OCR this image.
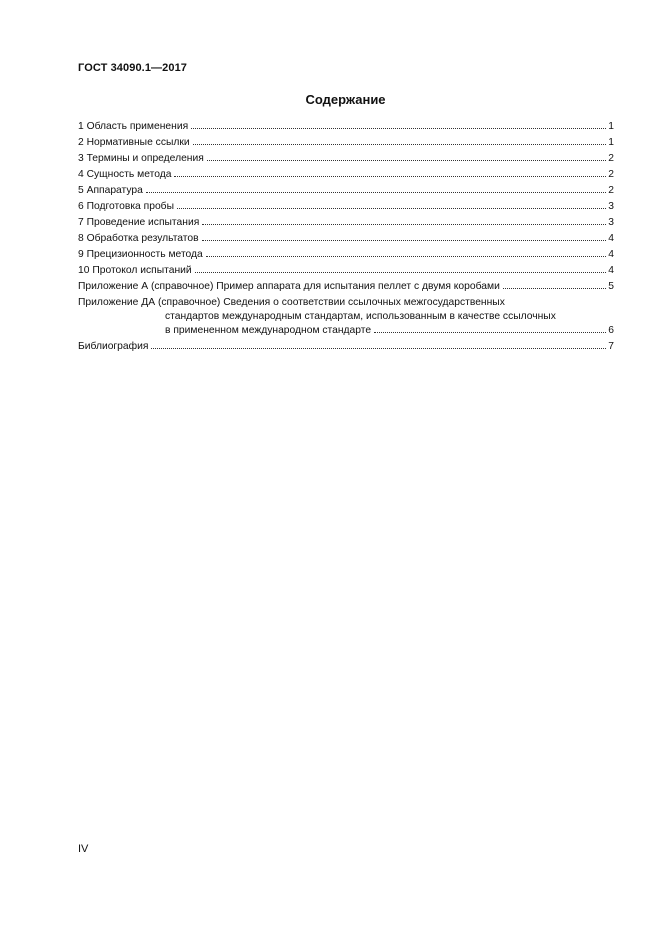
ГОСТ 34090.1—2017
Содержание
1 Область применения	1
2 Нормативные ссылки	1
3 Термины и определения	2
4 Сущность метода	2
5 Аппаратура	2
6 Подготовка пробы	3
7 Проведение испытания	3
8 Обработка результатов	4
9 Прецизионность метода	4
10 Протокол испытаний	4
Приложение А (справочное) Пример аппарата для испытания пеллет с двумя коробами	5
Приложение ДА (справочное) Сведения о соответствии ссылочных межгосударственных
стандартов международным стандартам, использованным в качестве ссылочных
в примененном международном стандарте	6
Библиография	7
IV
